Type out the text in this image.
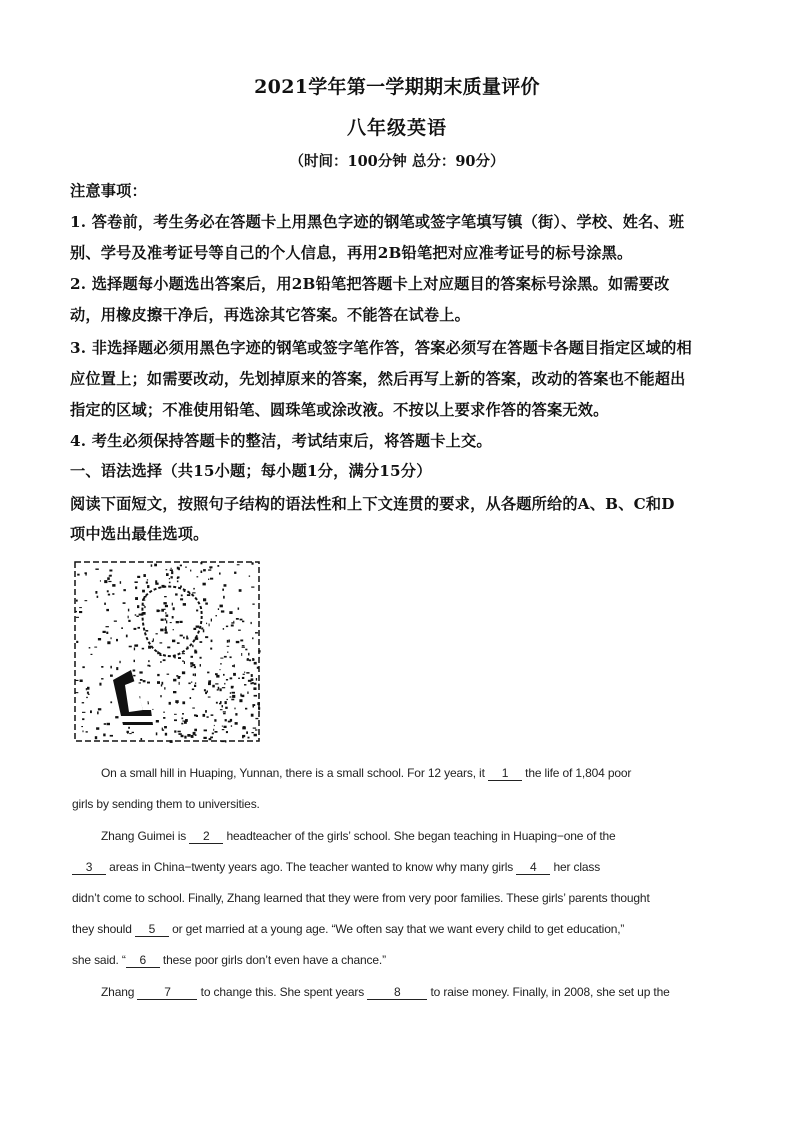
2021学年第一学期期末质量评价
八年级英语
（时间：100分钟 总分：90分）
注意事项：
1. 答卷前，考生务必在答题卡上用黑色字迹的钢笔或签字笔填写镇（街）、学校、姓名、班
别、学号及准考证号等自己的个人信息，再用2B铅笔把对应准考证号的标号涂黑。
2. 选择题每小题选出答案后，用2B铅笔把答题卡上对应题目的答案标号涂黑。如需要改
动，用橡皮擦干净后，再选涂其它答案。不能答在试卷上。
3. 非选择题必须用黑色字迹的钢笔或签字笔作答，答案必须写在答题卡各题目指定区域的相
应位置上；如需要改动，先划掉原来的答案，然后再写上新的答案，改动的答案也不能超出
指定的区域；不准使用铅笔、圆珠笔或涂改液。不按以上要求作答的答案无效。
4. 考生必须保持答题卡的整洁，考试结束后，将答题卡上交。
一、语法选择（共15小题；每小题1分，满分15分）
阅读下面短文，按照句子结构的语法性和上下文连贯的要求，从各题所给的A、B、C和D
项中选出最佳选项。
On a small hill in Huaping, Yunnan, there is a small school. For 12 years, it 1 the life of 1,804 poor
girls by sending them to universities.
Zhang Guimei is 2 headteacher of the girls’ school. She began teaching in Huaping−one of the
3 areas in China−twenty years ago. The teacher wanted to know why many girls 4 her class
didn’t come to school. Finally, Zhang learned that they were from very poor families. These girls’ parents thought
they should 5 or get married at a young age. “We often say that we want every child to get education,”
she said. “ 6 these poor girls don’t even have a chance.”
Zhang 7 to change this. She spent years 8 to raise money. Finally, in 2008, she set up the
